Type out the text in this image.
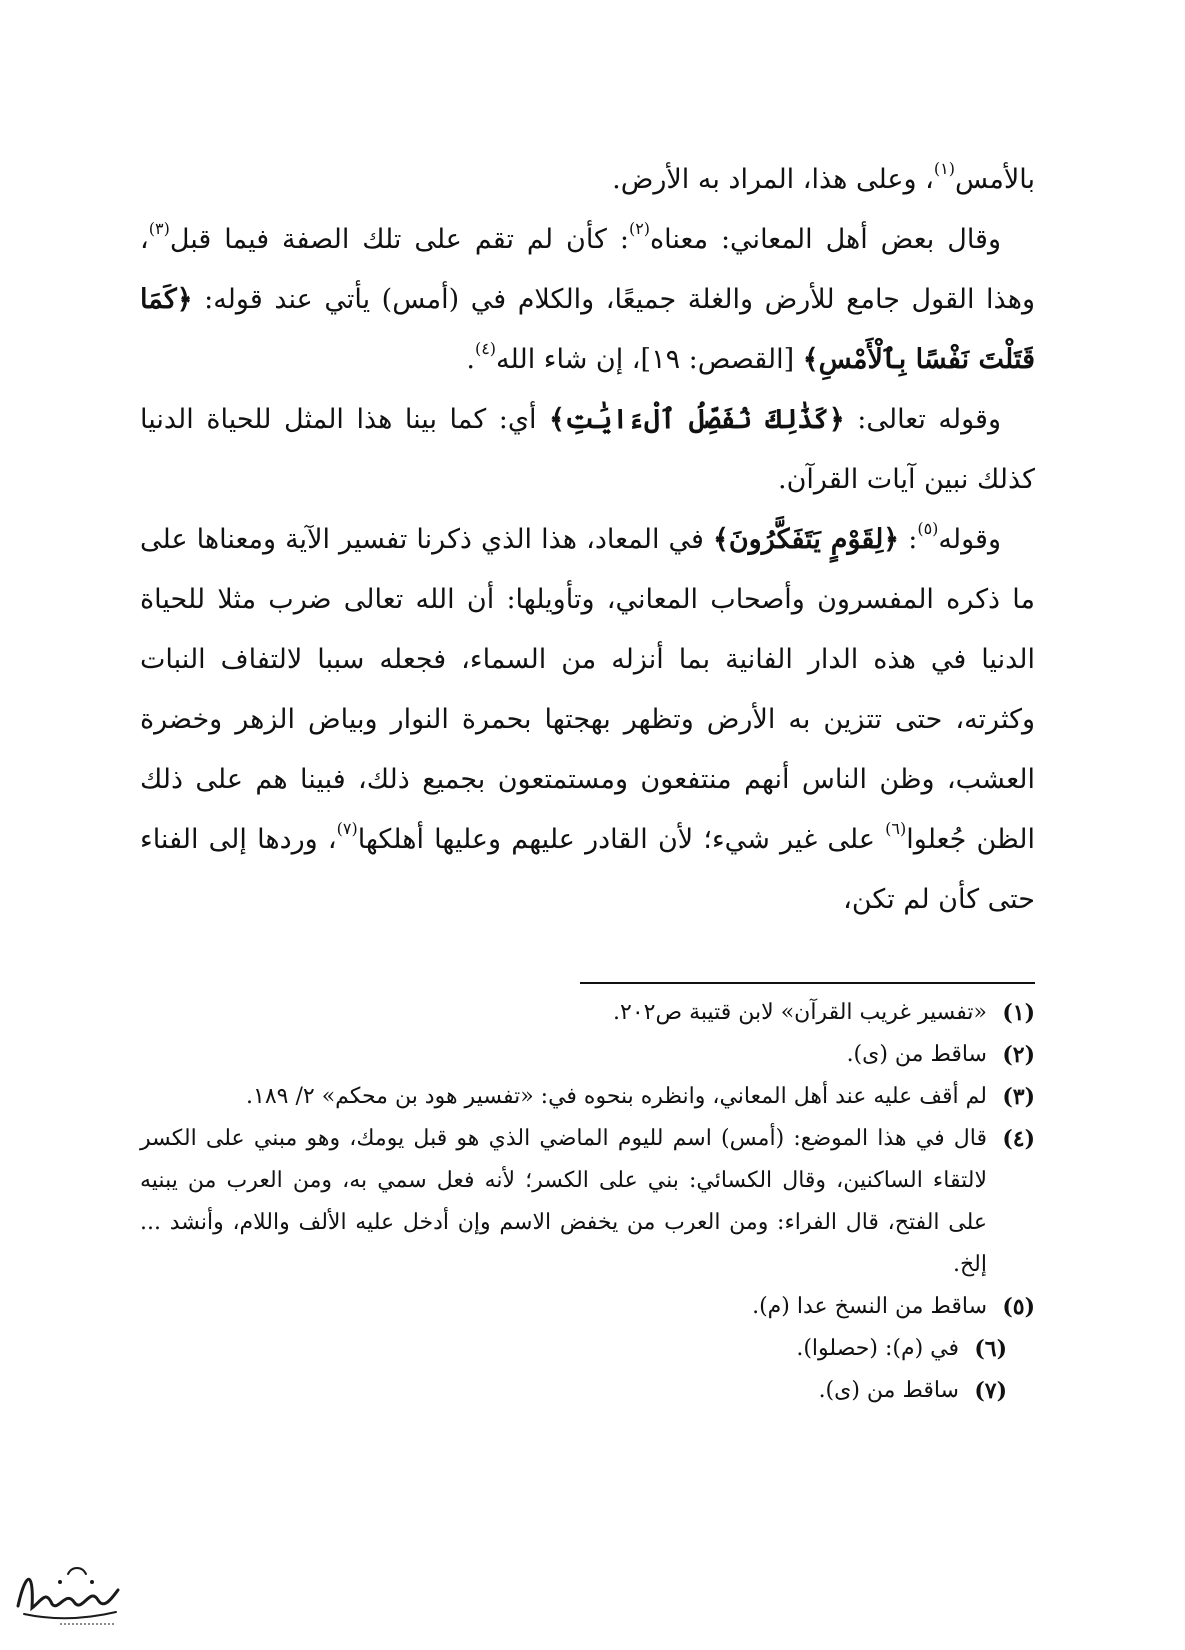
بالأمس$^{(١)}$، وعلى هذا، المراد به الأرض.

وقال بعض أهل المعاني: معناه$^{(٢)}$: كأن لم تقم على تلك الصفة فيما قبل$^{(٣)}$، وهذا القول جامع للأرض والغلة جميعًا، والكلام في (أمس) يأتي عند قوله: ﴿كَمَا قَتَلْتَ نَفْسًا بِٱلْأَمْسِ﴾ [القصص: ١٩]، إن شاء الله$^{(٤)}$.

وقوله تعالى: ﴿كَذَٰلِكَ نُفَصِّلُ ٱلْءَايَٰتِ﴾ أي: كما بينا هذا المثل للحياة الدنيا كذلك نبين آيات القرآن.

وقوله$^{(٥)}$: ﴿لِقَوْمٍ يَتَفَكَّرُونَ﴾ في المعاد، هذا الذي ذكرنا تفسير الآية ومعناها على ما ذكره المفسرون وأصحاب المعاني، وتأويلها: أن الله تعالى ضرب مثلا للحياة الدنيا في هذه الدار الفانية بما أنزله من السماء، فجعله سببا لالتفاف النبات وكثرته، حتى تتزين به الأرض وتظهر بهجتها بحمرة النوار وبياض الزهر وخضرة العشب، وظن الناس أنهم منتفعون ومستمتعون بجميع ذلك، فبينا هم على ذلك الظن جُعلوا$^{(٦)}$ على غير شيء؛ لأن القادر عليهم وعليها أهلكها$^{(٧)}$، وردها إلى الفناء حتى كأن لم تكن،

(١)
«تفسير غريب القرآن» لابن قتيبة ص٢٠٢.
(٢)
ساقط من (ى).
(٣)
لم أقف عليه عند أهل المعاني، وانظره بنحوه في: «تفسير هود بن محكم» ٢/ ١٨٩.
(٤)
قال في هذا الموضع: (أمس) اسم لليوم الماضي الذي هو قبل يومك، وهو مبني على الكسر لالتقاء الساكنين، وقال الكسائي: بني على الكسر؛ لأنه فعل سمي به، ومن العرب من يبنيه على الفتح، قال الفراء: ومن العرب من يخفض الاسم وإن أدخل عليه الألف واللام، وأنشد ... إلخ.
(٥)
ساقط من النسخ عدا (م).
(٦)
في (م): (حصلوا).
(٧)
ساقط من (ى).
